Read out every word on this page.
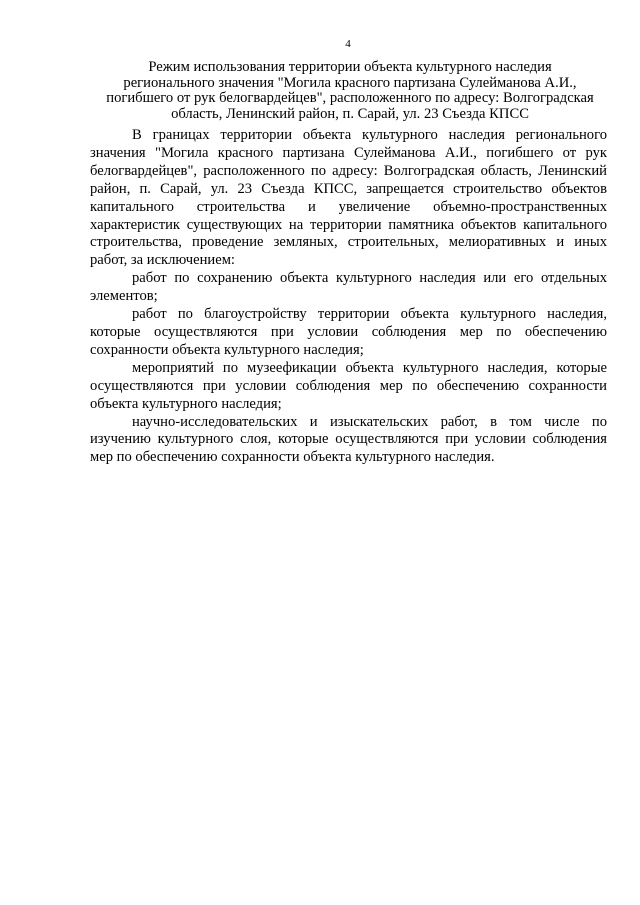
4
Режим использования территории объекта культурного наследия
регионального значения "Могила красного партизана Сулейманова А.И.,
погибшего от рук белогвардейцев", расположенного по адресу: Волгоградская
область, Ленинский район, п. Сарай, ул. 23 Съезда КПСС

В границах территории объекта культурного наследия регионального значения "Могила красного партизана Сулейманова А.И., погибшего от рук белогвардейцев", расположенного по адресу: Волгоградская область, Ленинский район, п. Сарай, ул. 23 Съезда КПСС, запрещается строительство объектов капитального строительства и увеличение объемно-пространственных характеристик существующих на территории памятника объектов капитального строительства, проведение земляных, строительных, мелиоративных и иных работ, за исключением:

работ по сохранению объекта культурного наследия или его отдельных элементов;

работ по благоустройству территории объекта культурного наследия, которые осуществляются при условии соблюдения мер по обеспечению сохранности объекта культурного наследия;

мероприятий по музеефикации объекта культурного наследия, которые осуществляются при условии соблюдения мер по обеспечению сохранности объекта культурного наследия;

научно-исследовательских и изыскательских работ, в том числе по изучению культурного слоя, которые осуществляются при условии соблюдения мер по обеспечению сохранности объекта культурного наследия.
